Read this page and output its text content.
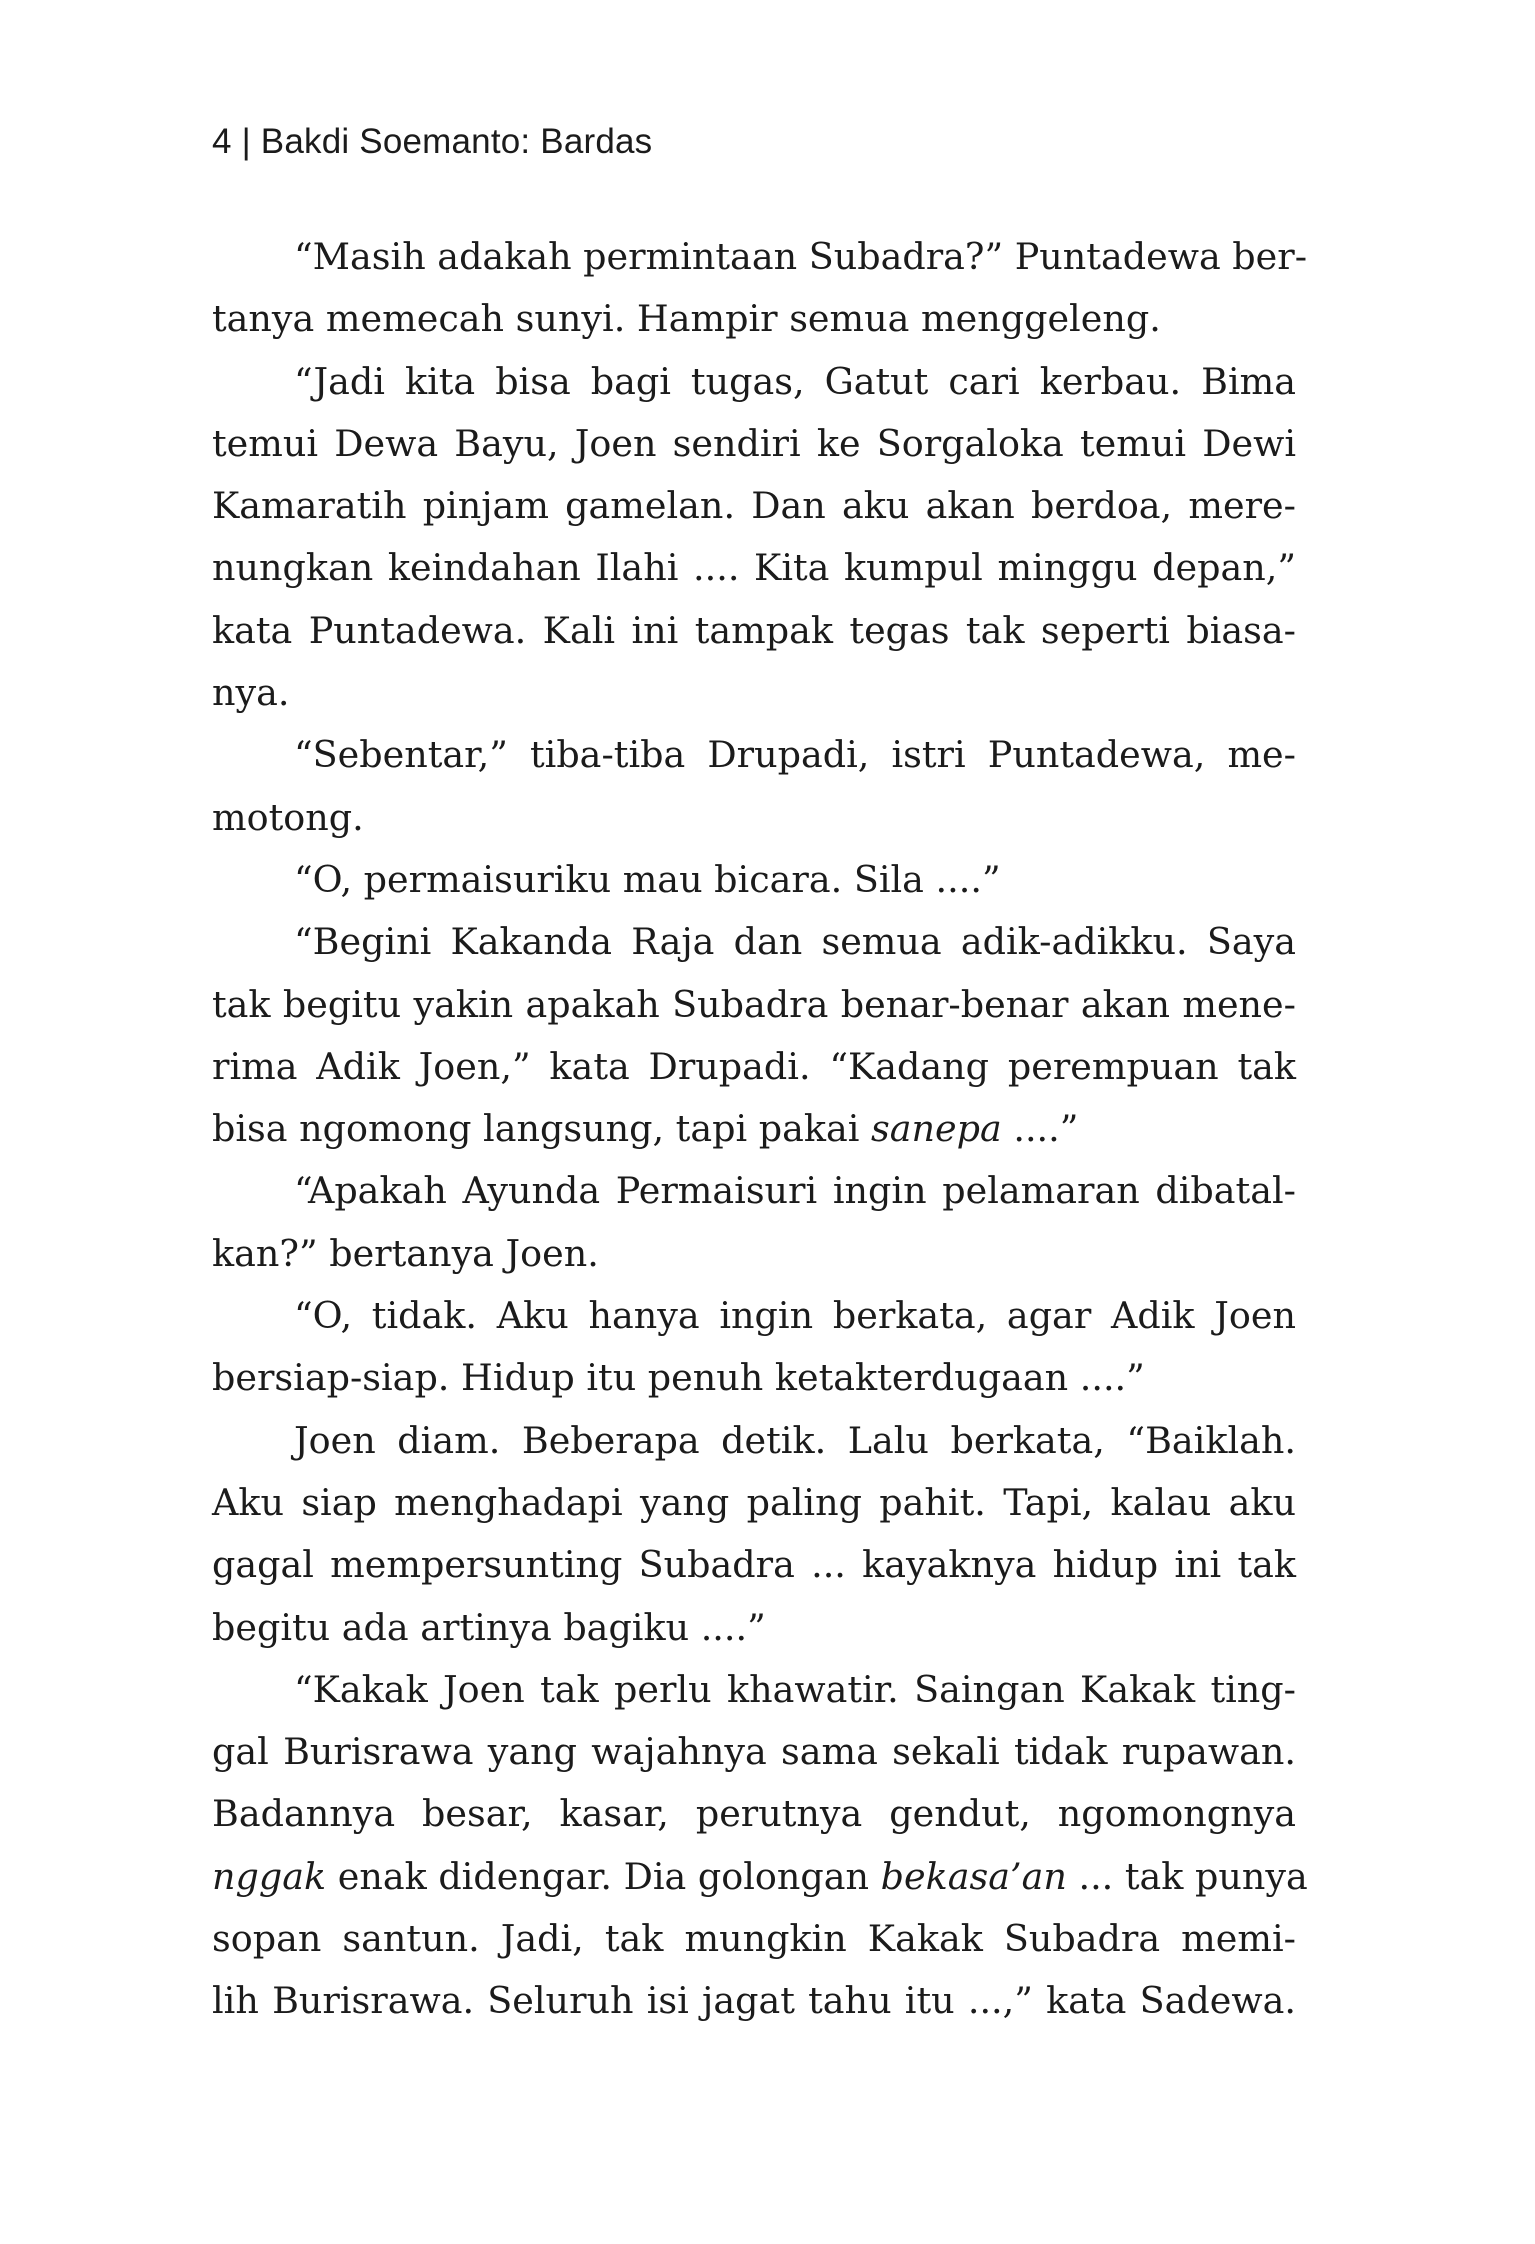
4 | Bakdi Soemanto: Bardas
“Masih adakah permintaan Subadra?” Puntadewa ber-
tanya memecah sunyi. Hampir semua menggeleng.
“Jadi kita bisa bagi tugas, Gatut cari kerbau. Bima
temui Dewa Bayu, Joen sendiri ke Sorgaloka temui Dewi
Kamaratih pinjam gamelan. Dan aku akan berdoa, mere-
nungkan keindahan Ilahi .... Kita kumpul minggu depan,”
kata Puntadewa. Kali ini tampak tegas tak seperti biasa-
nya.
“Sebentar,” tiba-tiba Drupadi, istri Puntadewa, me-
motong.
“O, permaisuriku mau bicara. Sila ....”
“Begini Kakanda Raja dan semua adik-adikku. Saya
tak begitu yakin apakah Subadra benar-benar akan mene-
rima Adik Joen,” kata Drupadi. “Kadang perempuan tak
bisa ngomong langsung, tapi pakai sanepa ....”
“Apakah Ayunda Permaisuri ingin pelamaran dibatal-
kan?” bertanya Joen.
“O, tidak. Aku hanya ingin berkata, agar Adik Joen
bersiap-siap. Hidup itu penuh ketakterdugaan ....”
Joen diam. Beberapa detik. Lalu berkata, “Baiklah.
Aku siap menghadapi yang paling pahit. Tapi, kalau aku
gagal mempersunting Subadra ... kayaknya hidup ini tak
begitu ada artinya bagiku ....”
“Kakak Joen tak perlu khawatir. Saingan Kakak ting-
gal Burisrawa yang wajahnya sama sekali tidak rupawan.
Badannya besar, kasar, perutnya gendut, ngomongnya
nggak enak didengar. Dia golongan bekasa’an ... tak punya
sopan santun. Jadi, tak mungkin Kakak Subadra memi-
lih Burisrawa. Seluruh isi jagat tahu itu ...,” kata Sadewa.
